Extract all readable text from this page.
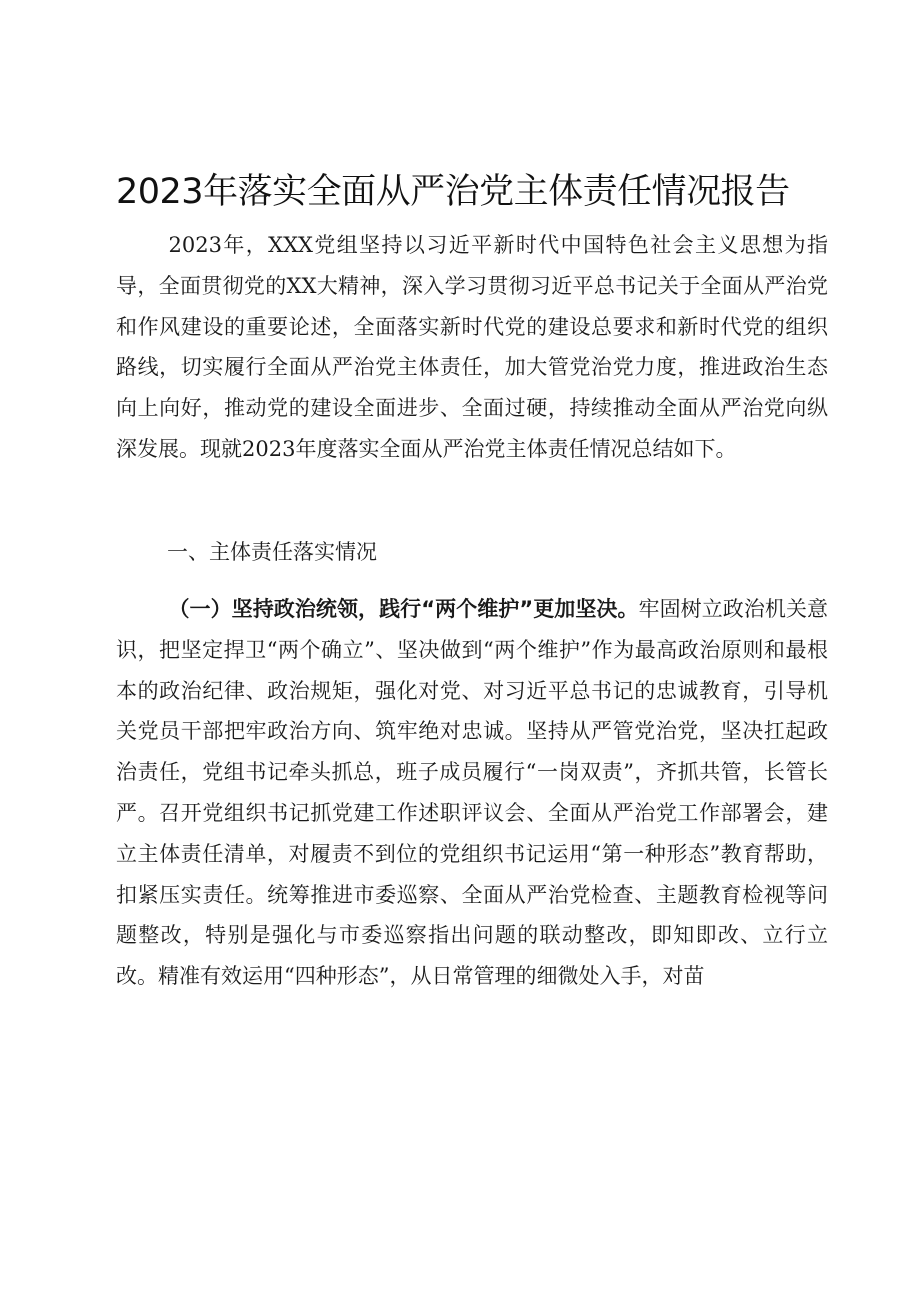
2023年落实全面从严治党主体责任情况报告

2023年，XXX党组坚持以习近平新时代中国特色社会主义思想为指导，全面贯彻党的XX大精神，深入学习贯彻习近平总书记关于全面从严治党和作风建设的重要论述，全面落实新时代党的建设总要求和新时代党的组织路线，切实履行全面从严治党主体责任，加大管党治党力度，推进政治生态向上向好，推动党的建设全面进步、全面过硬，持续推动全面从严治党向纵深发展。现就2023年度落实全面从严治党主体责任情况总结如下。

一、主体责任落实情况

（一）坚持政治统领，践行“两个维护”更加坚决。牢固树立政治机关意识，把坚定捍卫“两个确立”、坚决做到“两个维护”作为最高政治原则和最根本的政治纪律、政治规矩，强化对党、对习近平总书记的忠诚教育，引导机关党员干部把牢政治方向、筑牢绝对忠诚。坚持从严管党治党，坚决扛起政治责任，党组书记牵头抓总，班子成员履行“一岗双责”，齐抓共管，长管长严。召开党组织书记抓党建工作述职评议会、全面从严治党工作部署会，建立主体责任清单，对履责不到位的党组织书记运用“第一种形态”教育帮助，扣紧压实责任。统筹推进市委巡察、全面从严治党检查、主题教育检视等问题整改，特别是强化与市委巡察指出问题的联动整改，即知即改、立行立改。精准有效运用“四种形态”，从日常管理的细微处入手，对苗
